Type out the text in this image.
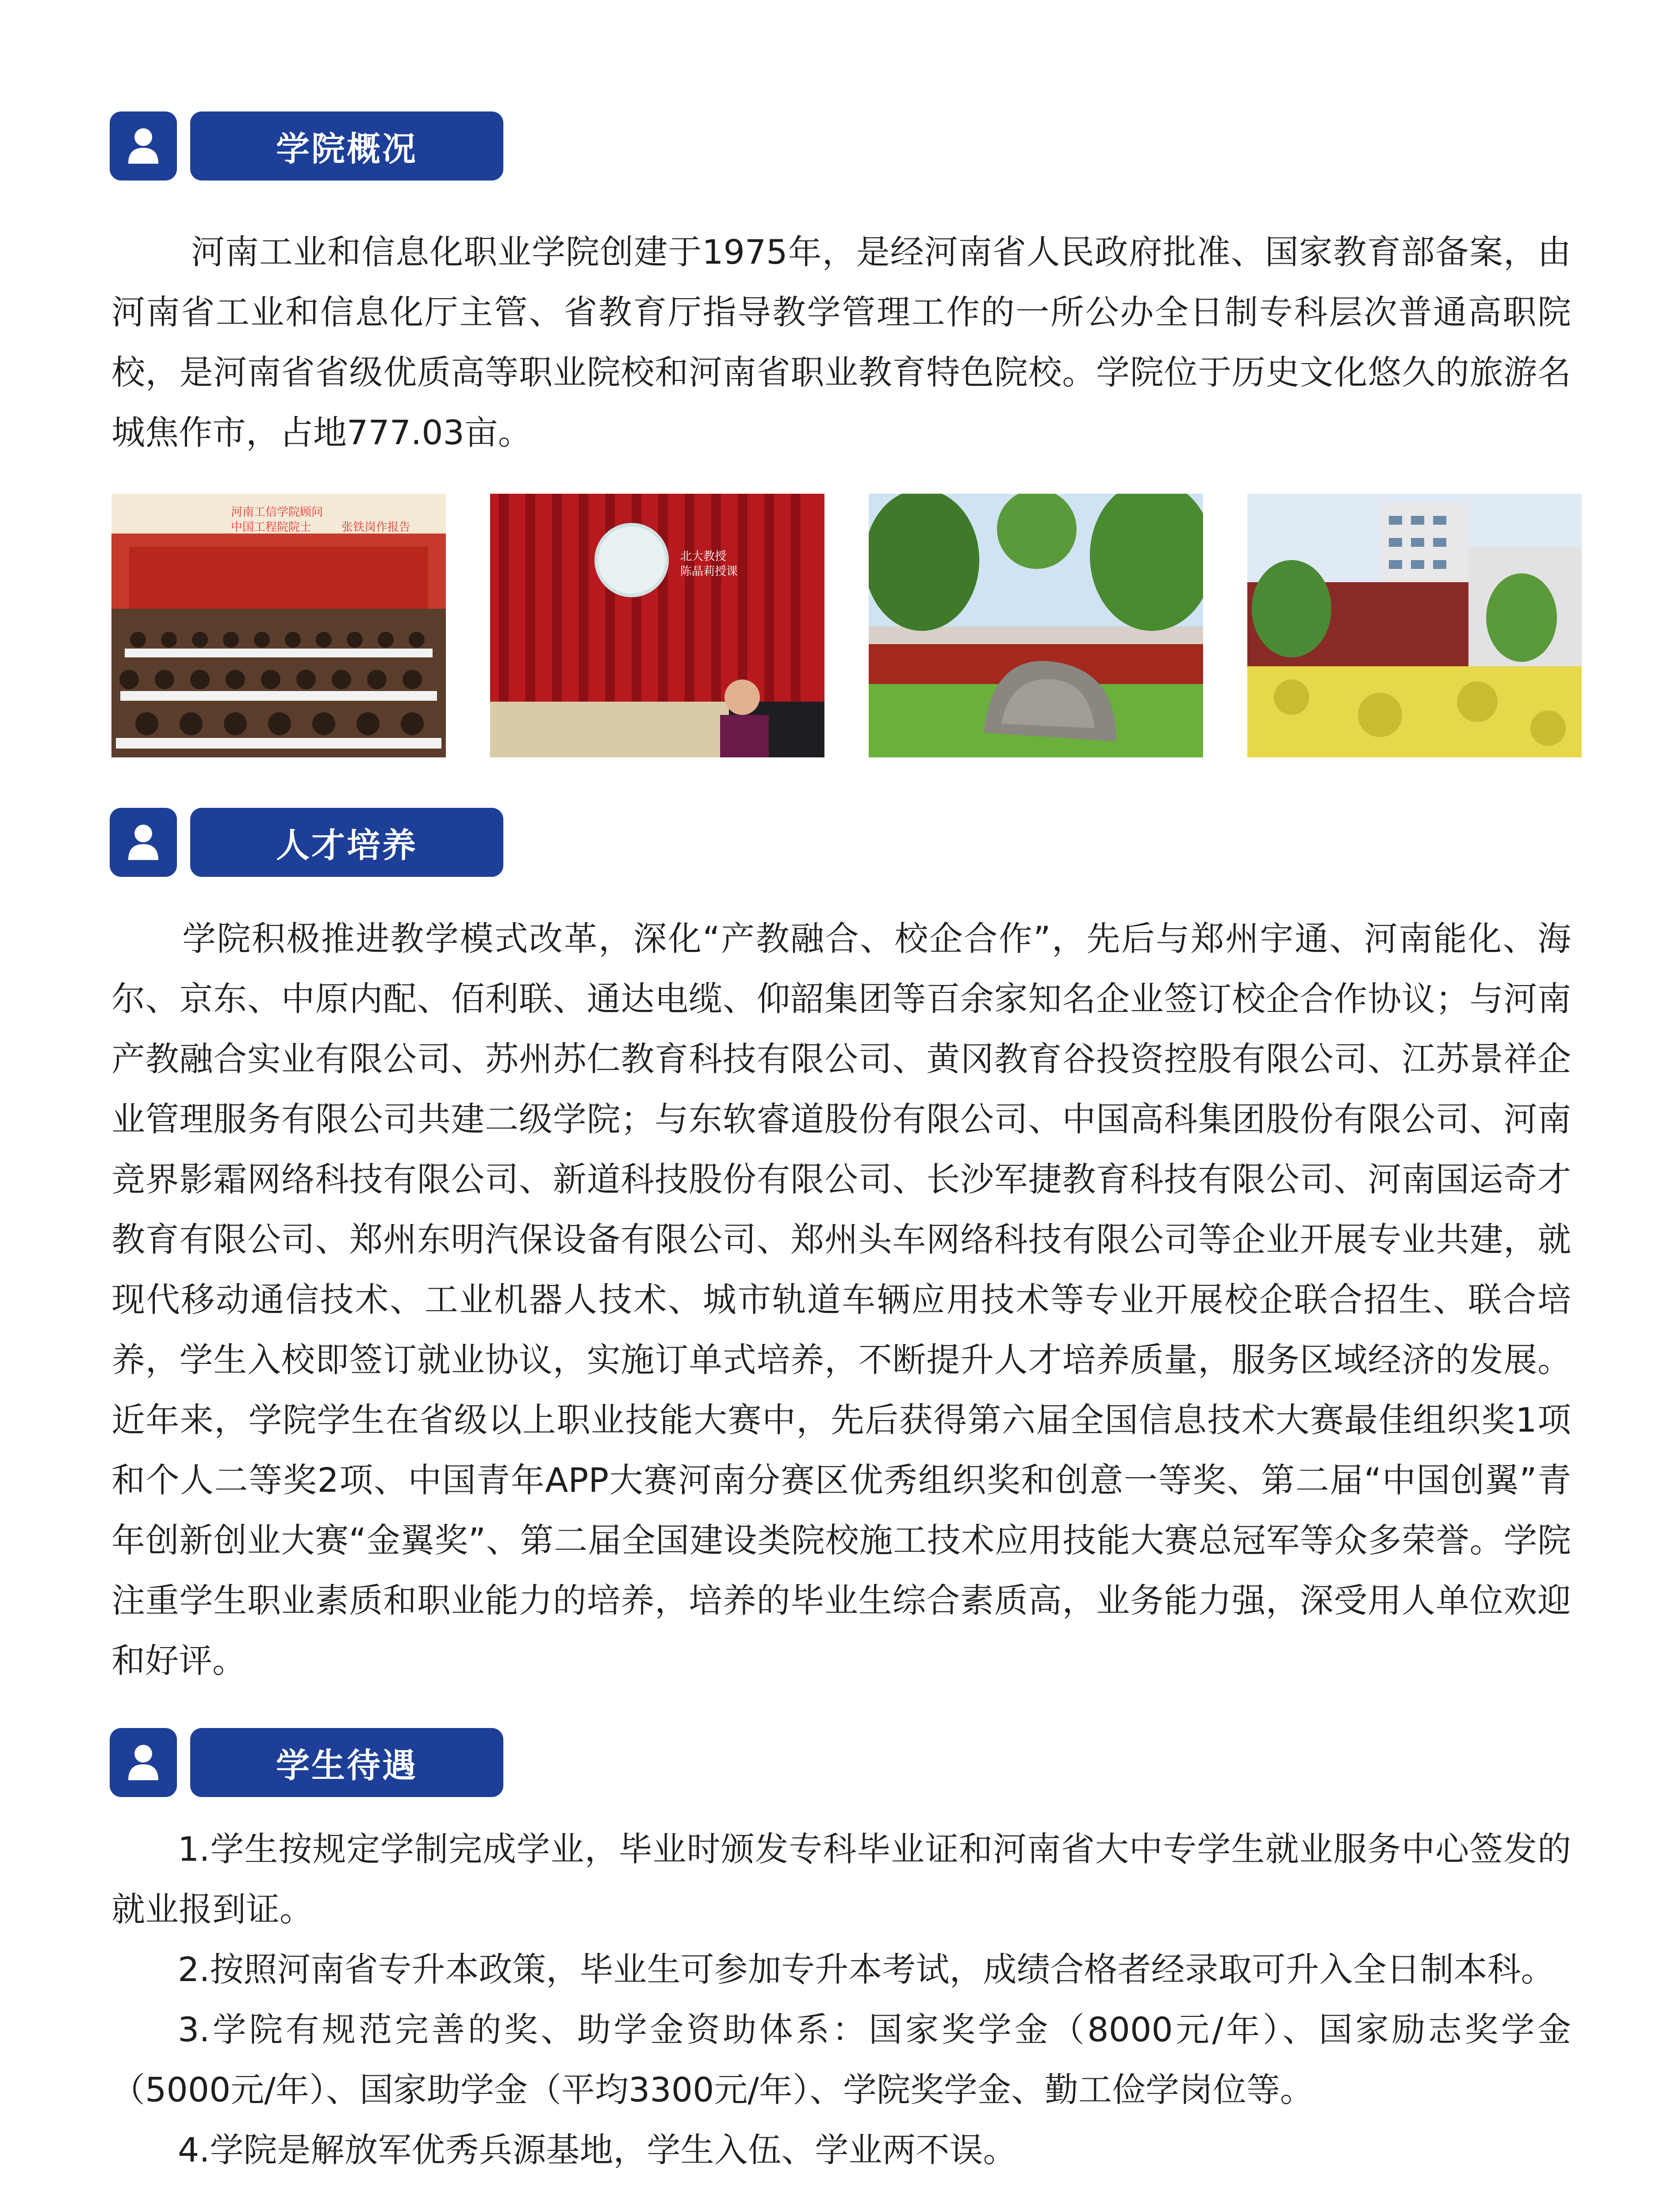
学院概况

河南工业和信息化职业学院创建于1975年，是经河南省人民政府批准、国家教育部备案，由河南省工业和信息化厅主管、省教育厅指导教学管理工作的一所公办全日制专科层次普通高职院校，是河南省省级优质高等职业院校和河南省职业教育特色院校。学院位于历史文化悠久的旅游名城焦作市，占地777.03亩。

河南工信学院顾问
中国工程院院士	张铁岗作报告
北大教授
陈晶莉授课
人才培养

学院积极推进教学模式改革，深化“产教融合、校企合作”，先后与郑州宇通、河南能化、海尔、京东、中原内配、佰利联、通达电缆、仰韶集团等百余家知名企业签订校企合作协议；与河南产教融合实业有限公司、苏州苏仁教育科技有限公司、黄冈教育谷投资控股有限公司、江苏景祥企业管理服务有限公司共建二级学院；与东软睿道股份有限公司、中国高科集团股份有限公司、河南竞界影霜网络科技有限公司、新道科技股份有限公司、长沙军捷教育科技有限公司、河南国运奇才教育有限公司、郑州东明汽保设备有限公司、郑州头车网络科技有限公司等企业开展专业共建，就现代移动通信技术、工业机器人技术、城市轨道车辆应用技术等专业开展校企联合招生、联合培养，学生入校即签订就业协议，实施订单式培养，不断提升人才培养质量，服务区域经济的发展。近年来，学院学生在省级以上职业技能大赛中，先后获得第六届全国信息技术大赛最佳组织奖1项和个人二等奖2项、中国青年APP大赛河南分赛区优秀组织奖和创意一等奖、第二届“中国创翼”青年创新创业大赛“金翼奖”、第二届全国建设类院校施工技术应用技能大赛总冠军等众多荣誉。学院注重学生职业素质和职业能力的培养，培养的毕业生综合素质高，业务能力强，深受用人单位欢迎和好评。

学生待遇

1.学生按规定学制完成学业，毕业时颁发专科毕业证和河南省大中专学生就业服务中心签发的就业报到证。

2.按照河南省专升本政策，毕业生可参加专升本考试，成绩合格者经录取可升入全日制本科。

3.学院有规范完善的奖、助学金资助体系：国家奖学金（8000元/年）、国家励志奖学金（5000元/年）、国家助学金（平均3300元/年）、学院奖学金、勤工俭学岗位等。

4.学院是解放军优秀兵源基地，学生入伍、学业两不误。
